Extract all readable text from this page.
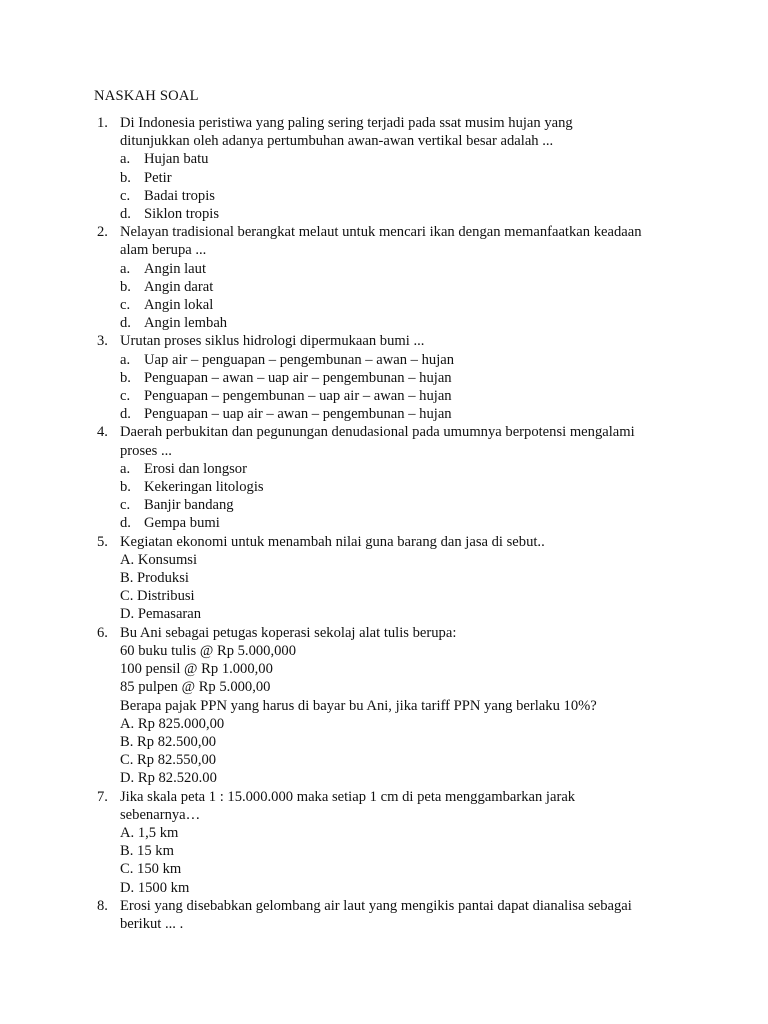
NASKAH SOAL
1. Di Indonesia peristiwa yang paling sering terjadi pada ssat musim hujan yang
ditunjukkan oleh adanya pertumbuhan awan-awan vertikal besar adalah ...
a. Hujan batu
b. Petir
c. Badai tropis
d. Siklon tropis
2. Nelayan tradisional berangkat melaut untuk mencari ikan dengan memanfaatkan keadaan
alam berupa ...
a. Angin laut
b. Angin darat
c. Angin lokal
d. Angin lembah
3. Urutan proses siklus hidrologi dipermukaan bumi ...
a. Uap air – penguapan – pengembunan – awan – hujan
b. Penguapan – awan – uap air – pengembunan – hujan
c. Penguapan – pengembunan – uap air – awan – hujan
d. Penguapan – uap air – awan – pengembunan – hujan
4. Daerah perbukitan dan pegunungan denudasional pada umumnya berpotensi mengalami
proses ...
a. Erosi dan longsor
b. Kekeringan litologis
c. Banjir bandang
d. Gempa bumi
5. Kegiatan ekonomi untuk menambah nilai guna barang dan jasa di sebut..
A. Konsumsi
B. Produksi
C. Distribusi
D. Pemasaran
6. Bu Ani sebagai petugas koperasi sekolaj alat tulis berupa:
60 buku tulis @ Rp 5.000,000
100 pensil @ Rp 1.000,00
85 pulpen @ Rp 5.000,00
Berapa pajak PPN yang harus di bayar bu Ani, jika tariff PPN yang berlaku 10%?
A. Rp 825.000,00
B. Rp 82.500,00
C. Rp 82.550,00
D. Rp 82.520.00
7. Jika skala peta 1 : 15.000.000 maka setiap 1 cm di peta menggambarkan jarak
sebenarnya…
A. 1,5 km
B. 15 km
C. 150 km
D. 1500 km
8. Erosi yang disebabkan gelombang air laut yang mengikis pantai dapat dianalisa sebagai
berikut ... .
